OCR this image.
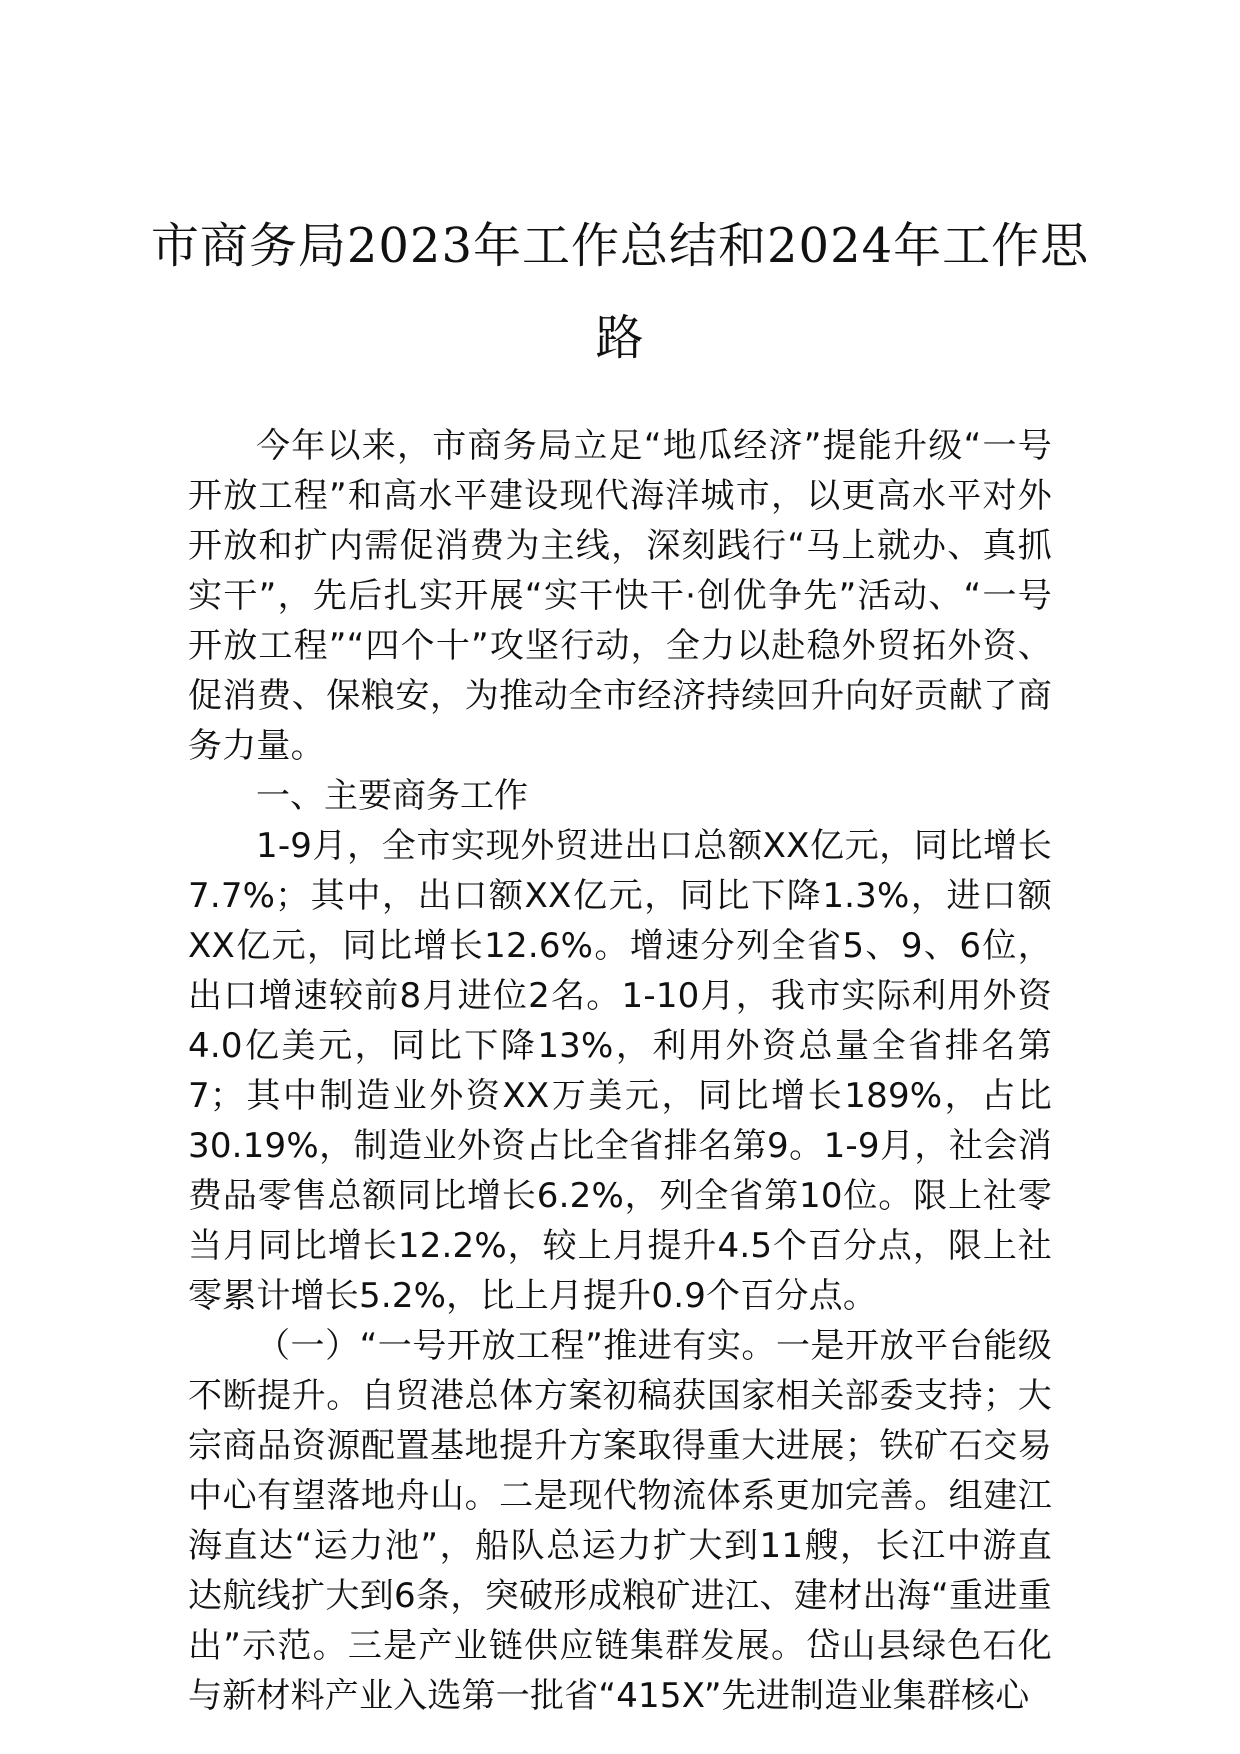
市商务局2023年工作总结和2024年工作思路

今年以来，市商务局立足“地瓜经济”提能升级“一号开放工程”和高水平建设现代海洋城市，以更高水平对外开放和扩内需促消费为主线，深刻践行“马上就办、真抓实干”，先后扎实开展“实干快干·创优争先”活动、“一号开放工程”“四个十”攻坚行动，全力以赴稳外贸拓外资、促消费、保粮安，为推动全市经济持续回升向好贡献了商务力量。

一、主要商务工作

1-9月，全市实现外贸进出口总额XX亿元，同比增长7.7%；其中，出口额XX亿元，同比下降1.3%，进口额XX亿元，同比增长12.6%。增速分列全省5、9、6位，出口增速较前8月进位2名。1-10月，我市实际利用外资4.0亿美元，同比下降13%，利用外资总量全省排名第7；其中制造业外资XX万美元，同比增长189%，占比30.19%，制造业外资占比全省排名第9。1-9月，社会消费品零售总额同比增长6.2%，列全省第10位。限上社零当月同比增长12.2%，较上月提升4.5个百分点，限上社零累计增长5.2%，比上月提升0.9个百分点。

（一）“一号开放工程”推进有实。一是开放平台能级不断提升。自贸港总体方案初稿获国家相关部委支持；大宗商品资源配置基地提升方案取得重大进展；铁矿石交易中心有望落地舟山。二是现代物流体系更加完善。组建江海直达“运力池”，船队总运力扩大到11艘，长江中游直达航线扩大到6条，突破形成粮矿进江、建材出海“重进重出”示范。三是产业链供应链集群发展。岱山县绿色石化与新材料产业入选第一批省“415X”先进制造业集群核心
